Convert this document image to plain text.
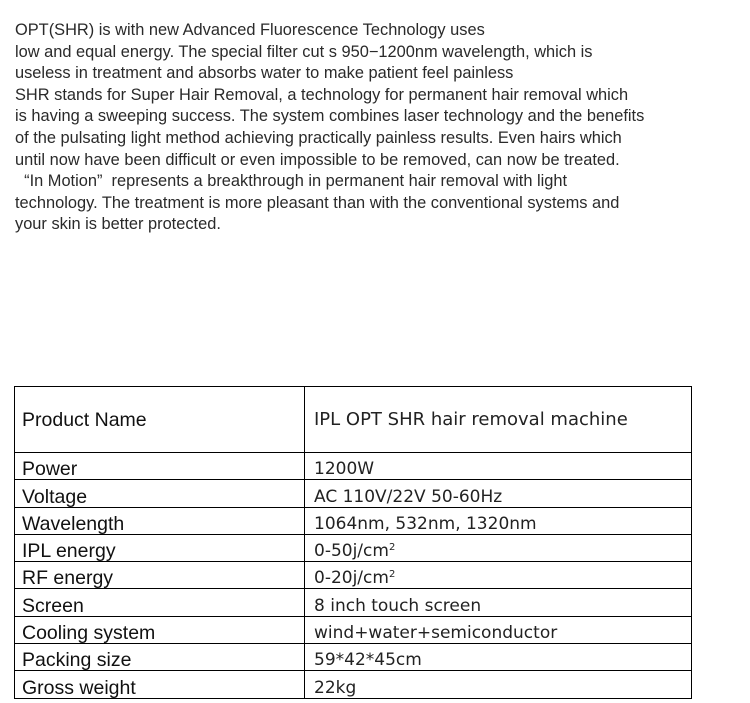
OPT(SHR) is with new Advanced Fluorescence Technology uses
low and equal energy. The special filter cut s 950−1200nm wavelength, which is
useless in treatment and absorbs water to make patient feel painless
SHR stands for Super Hair Removal, a technology for permanent hair removal which
is having a sweeping success. The system combines laser technology and the benefits
of the pulsating light method achieving practically painless results. Even hairs which
until now have been difficult or even impossible to be removed, can now be treated.
“In Motion”  represents a breakthrough in permanent hair removal with light
technology. The treatment is more pleasant than with the conventional systems and
your skin is better protected.
Product Name	IPL OPT SHR hair removal machine
Power	1200W
Voltage	AC 110V/22V 50-60Hz
Wavelength	1064nm, 532nm, 1320nm
IPL energy	$0-50j/cm^2$
RF energy	$0-20j/cm^2$
Screen	8 inch touch screen
Cooling system	wind+water+semiconductor
Packing size	59*42*45cm
Gross weight	22kg
